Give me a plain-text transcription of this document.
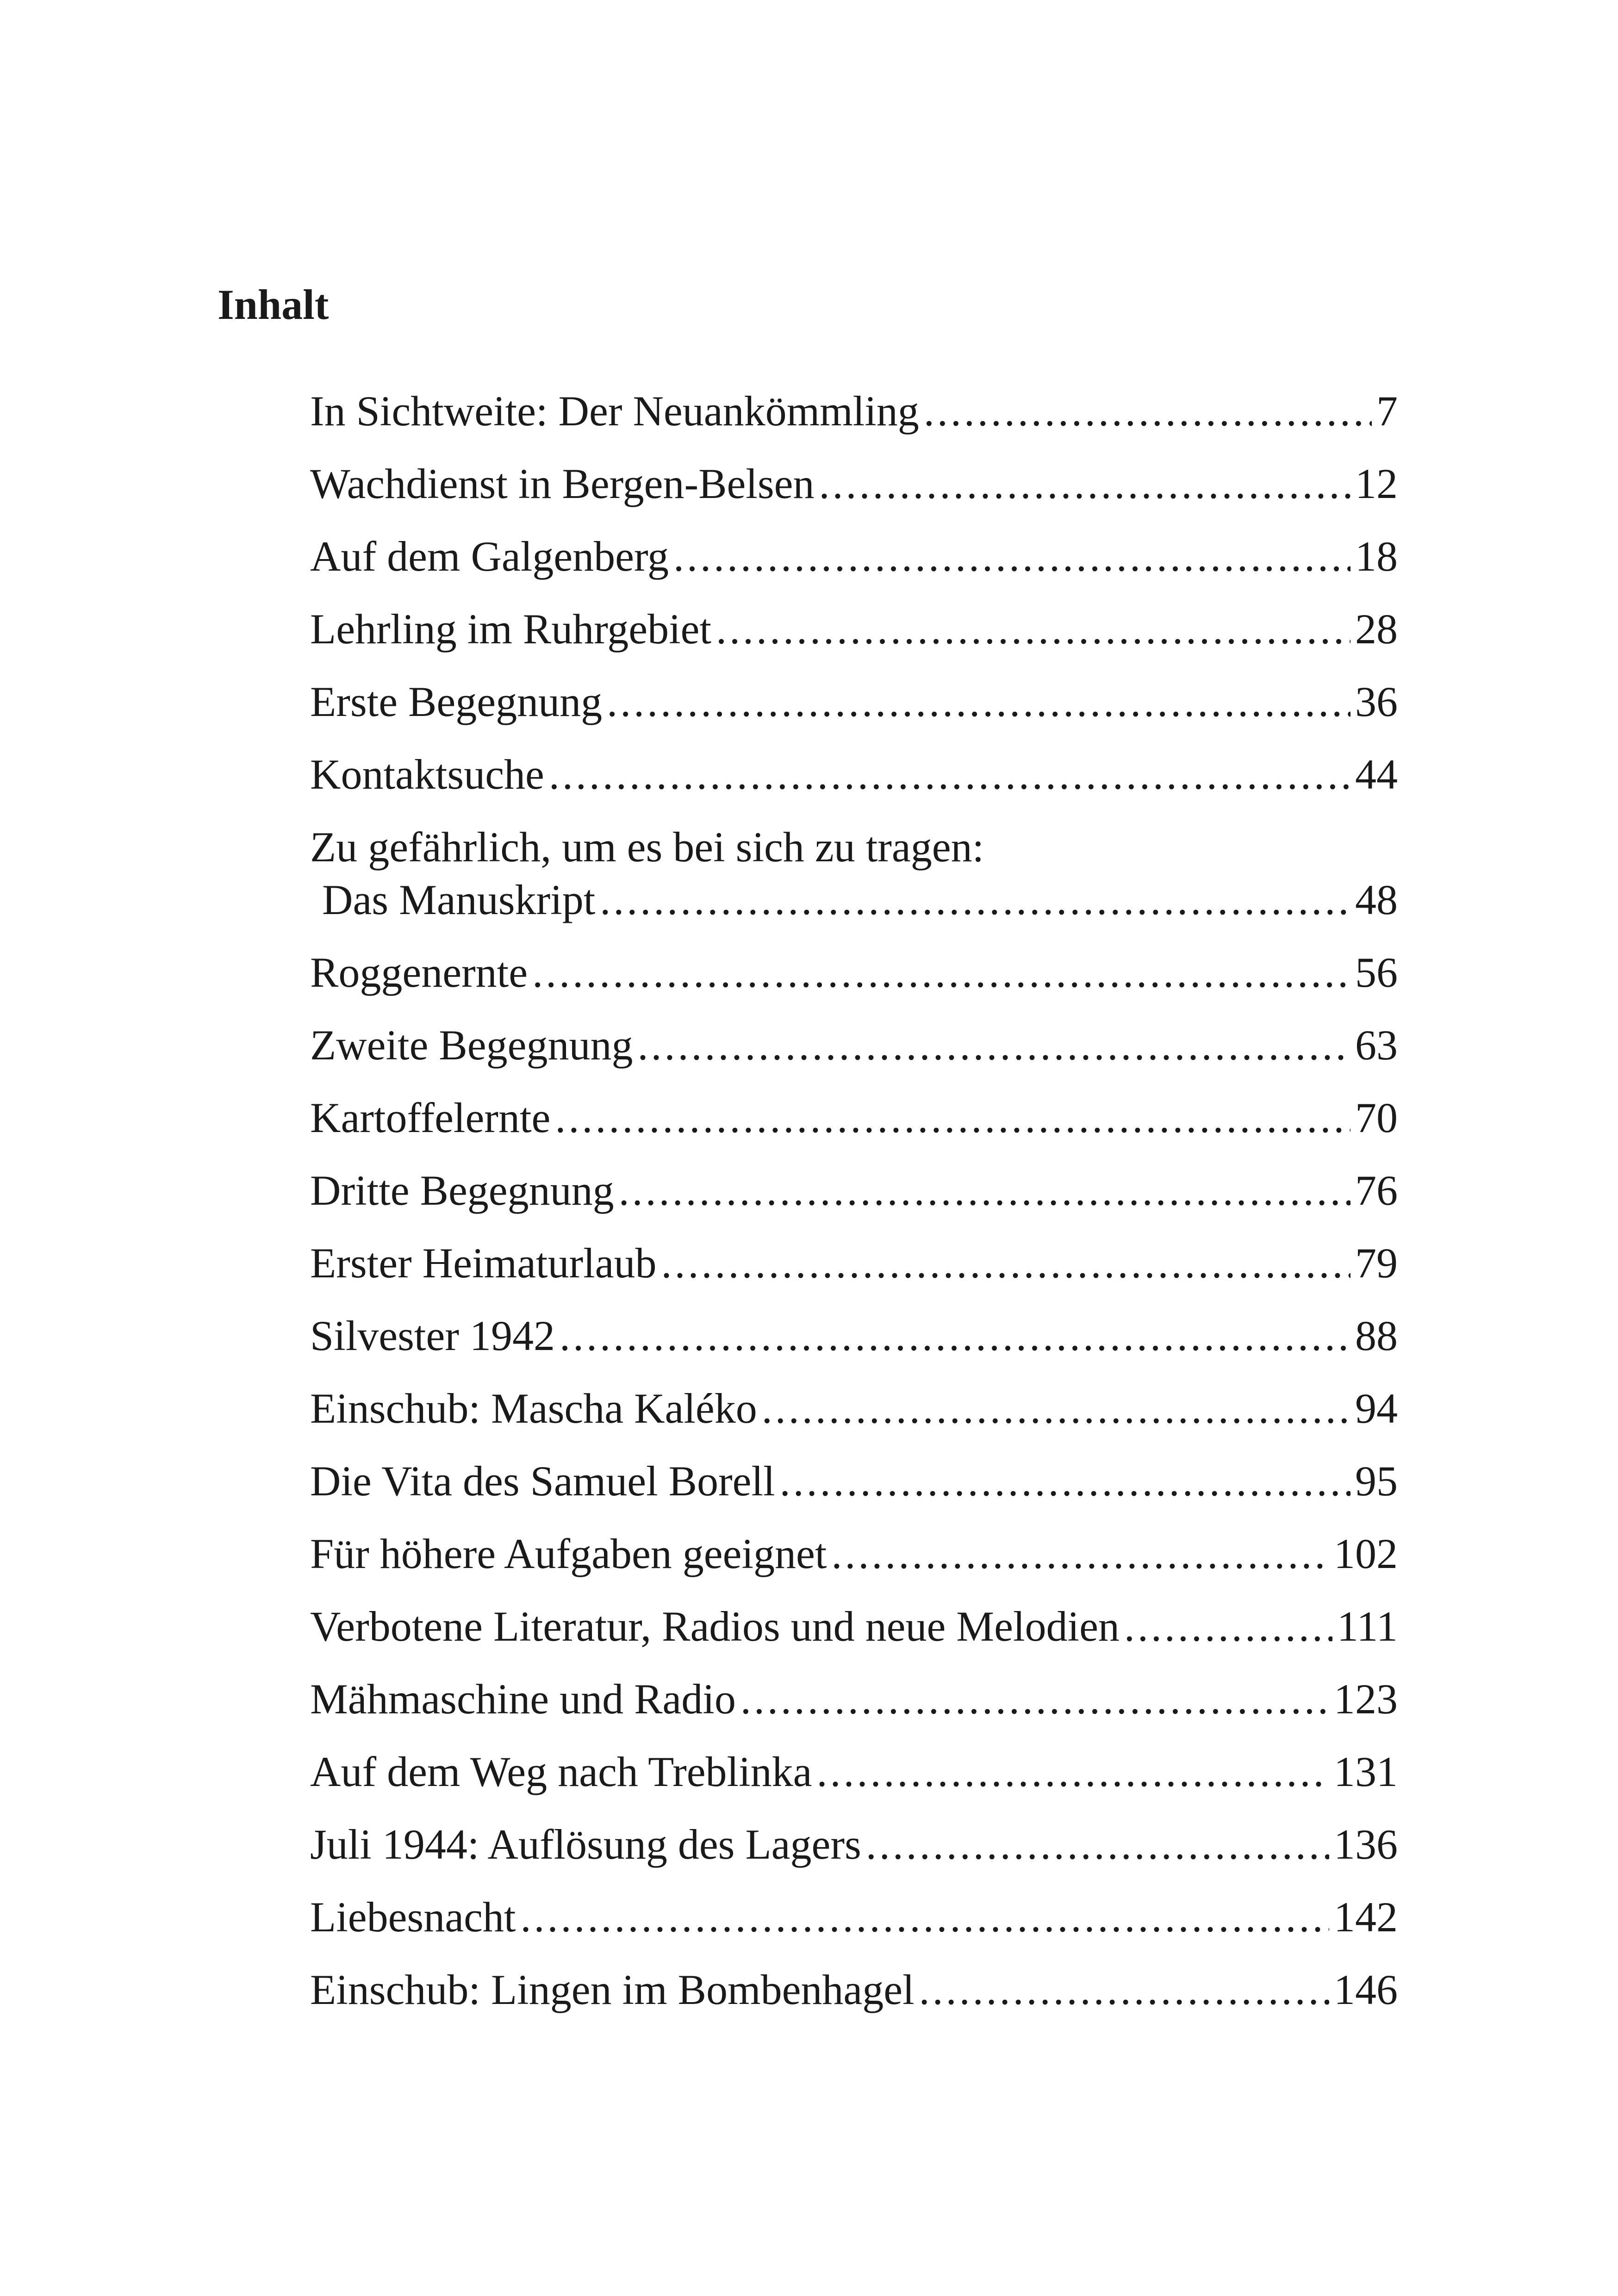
Inhalt
In Sichtweite: Der Neuankömmling .....	7
Wachdienst in Bergen-Belsen .....	12
Auf dem Galgenberg .....	18
Lehrling im Ruhrgebiet .....	28
Erste Begegnung .....	36
Kontaktsuche .....	44
Zu gefährlich, um es bei sich zu tragen:
Das Manuskript .....	48
Roggenernte .....	56
Zweite Begegnung .....	63
Kartoffelernte .....	70
Dritte Begegnung .....	76
Erster Heimaturlaub .....	79
Silvester 1942 .....	88
Einschub: Mascha Kaléko .....	94
Die Vita des Samuel Borell .....	95
Für höhere Aufgaben geeignet .....	102
Verbotene Literatur, Radios und neue Melodien .....	111
Mähmaschine und Radio .....	123
Auf dem Weg nach Treblinka .....	131
Juli 1944: Auflösung des Lagers .....	136
Liebesnacht .....	142
Einschub: Lingen im Bombenhagel .....	146
